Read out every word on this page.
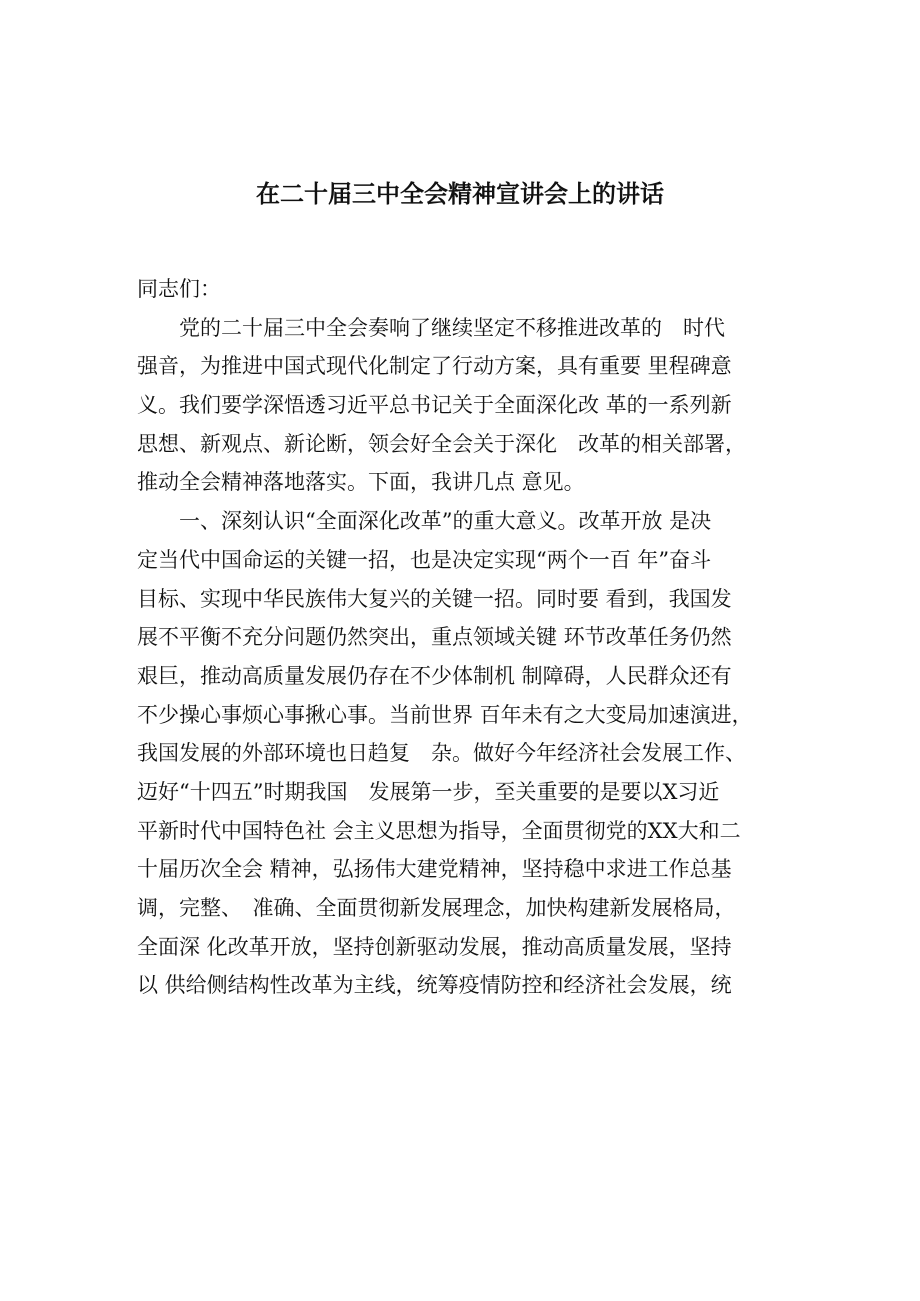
在二十届三中全会精神宣讲会上的讲话
同志们：
　　党的二十届三中全会奏响了继续坚定不移推进改革的　时代
强音，为推进中国式现代化制定了行动方案，具有重要 里程碑意
义。我们要学深悟透习近平总书记关于全面深化改 革的一系列新
思想、新观点、新论断，领会好全会关于深化　改革的相关部署，
推动全会精神落地落实。下面，我讲几点 意见。
　　一、深刻认识“全面深化改革”的重大意义。改革开放 是决
定当代中国命运的关键一招，也是决定实现“两个一百 年”奋斗
目标、实现中华民族伟大复兴的关键一招。同时要 看到，我国发
展不平衡不充分问题仍然突出，重点领域关键 环节改革任务仍然
艰巨，推动高质量发展仍存在不少体制机 制障碍，人民群众还有
不少操心事烦心事揪心事。当前世界 百年未有之大变局加速演进，
我国发展的外部环境也日趋复　杂。做好今年经济社会发展工作、
迈好“十四五”时期我国　发展第一步，至关重要的是要以X习近
平新时代中国特色社 会主义思想为指导，全面贯彻党的XX大和二
十届历次全会 精神，弘扬伟大建党精神，坚持稳中求进工作总基
调，完整、　准确、全面贯彻新发展理念，加快构建新发展格局，
全面深 化改革开放，坚持创新驱动发展，推动高质量发展，坚持
以 供给侧结构性改革为主线，统筹疫情防控和经济社会发展，统
